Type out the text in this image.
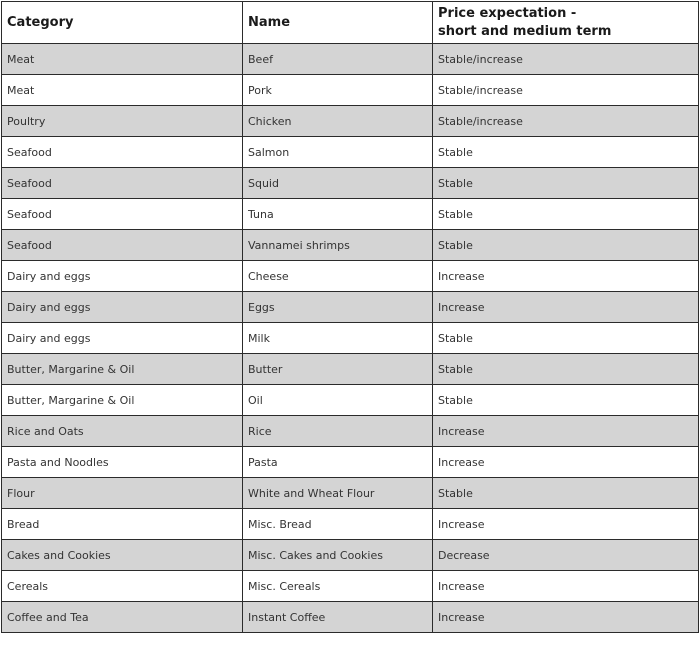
Category	Name	Price expectation -
short and medium term

Meat	Beef	Stable/increase
Meat	Pork	Stable/increase
Poultry	Chicken	Stable/increase
Seafood	Salmon	Stable
Seafood	Squid	Stable
Seafood	Tuna	Stable
Seafood	Vannamei shrimps	Stable
Dairy and eggs	Cheese	Increase
Dairy and eggs	Eggs	Increase
Dairy and eggs	Milk	Stable
Butter, Margarine & Oil	Butter	Stable
Butter, Margarine & Oil	Oil	Stable
Rice and Oats	Rice	Increase
Pasta and Noodles	Pasta	Increase
Flour	White and Wheat Flour	Stable
Bread	Misc. Bread	Increase
Cakes and Cookies	Misc. Cakes and Cookies	Decrease
Cereals	Misc. Cereals	Increase
Coffee and Tea	Instant Coffee	Increase
